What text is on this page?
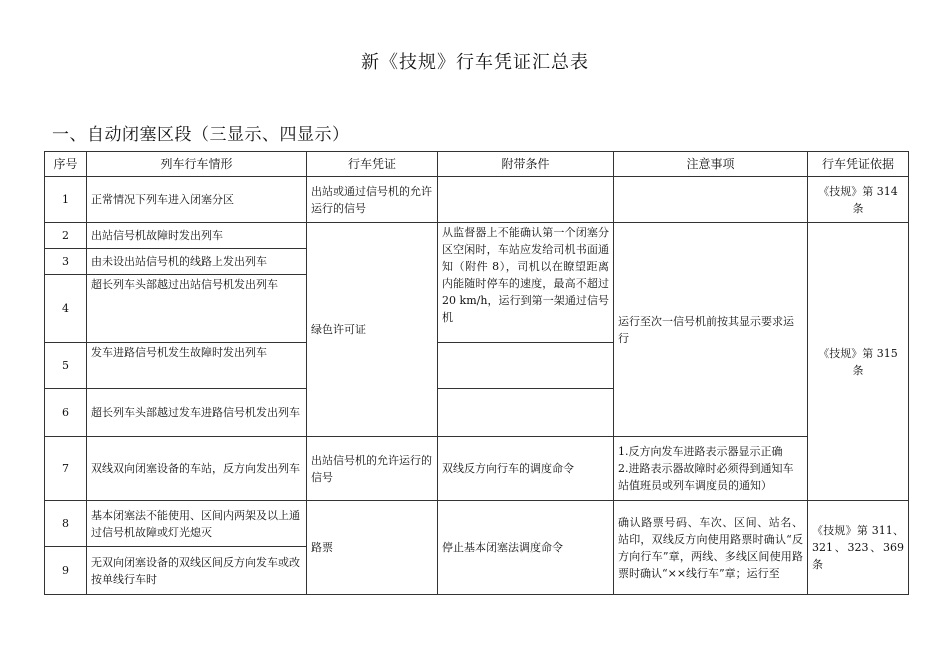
新《技规》行车凭证汇总表
一、自动闭塞区段（三显示、四显示）
序号	列车行车情形	行车凭证	附带条件	注意事项	行车凭证依据
1	正常情况下列车进入闭塞分区	出站或通过信号机的允许运行的信号			《技规》第 314 条
2	出站信号机故障时发出列车	绿色许可证	从监督器上不能确认第一个闭塞分区空闲时，车站应发给司机书面通知（附件 8），司机以在瞭望距离内能随时停车的速度，最高不超过 20 km/h，运行到第一架通过信号机	运行至次一信号机前按其显示要求运行	《技规》第 315 条
3	由未设出站信号机的线路上发出列车				
4	超长列车头部越过出站信号机发出列车				
5	发车进路信号机发生故障时发出列车				
6	超长列车头部越过发车进路信号机发出列车				
7	双线双向闭塞设备的车站，反方向发出列车	出站信号机的允许运行的信号	双线反方向行车的调度命令	1.反方向发车进路表示器显示正确
2.进路表示器故障时必须得到通知车站值班员或列车调度员的通知）	
8	基本闭塞法不能使用、区间内两架及以上通过信号机故障或灯光熄灭	路票	停止基本闭塞法调度命令	确认路票号码、车次、区间、站名、站印，双线反方向使用路票时确认“反方向行车”章，两线、多线区间使用路票时确认“××线行车”章；运行至	《技规》第 311、321、323、369 条
9	无双向闭塞设备的双线区间反方向发车或改按单线行车时				
